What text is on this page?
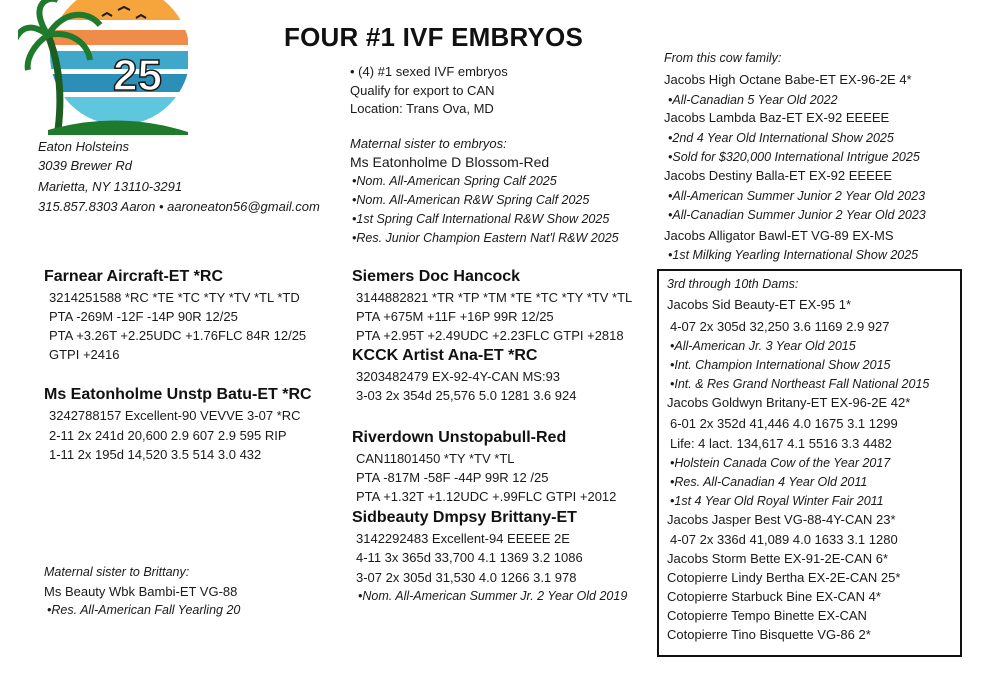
25
FOUR #1 IVF EMBRYOS
Eaton Holsteins
3039 Brewer Rd
Marietta, NY 13110-3291
315.857.8303 Aaron • aaroneaton56@gmail.com
• (4) #1 sexed IVF embryos
Qualify for export to CAN
Location: Trans Ova, MD
Maternal sister to embryos:
Ms Eatonholme D Blossom-Red
•Nom. All-American Spring Calf 2025
•Nom. All-American R&W Spring Calf 2025
•1st Spring Calf International R&W Show 2025
•Res. Junior Champion Eastern Nat'l R&W 2025
Farnear Aircraft-ET *RC
3214251588 *RC *TE *TC *TY *TV *TL *TD
PTA -269M -12F -14P 90R 12/25
PTA +3.26T +2.25UDC +1.76FLC 84R 12/25
GTPI +2416
Ms Eatonholme Unstp Batu-ET *RC
3242788157 Excellent-90 VEVVE 3-07 *RC
2-11 2x 241d 20,600 2.9 607 2.9 595 RIP
1-11 2x 195d 14,520 3.5 514 3.0 432
Maternal sister to Brittany:
Ms Beauty Wbk Bambi-ET VG-88
•Res. All-American Fall Yearling 20
Siemers Doc Hancock
3144882821 *TR *TP *TM *TE *TC *TY *TV *TL
PTA +675M +11F +16P 99R 12/25
PTA +2.95T +2.49UDC +2.23FLC GTPI +2818
KCCK Artist Ana-ET *RC
3203482479 EX-92-4Y-CAN MS:93
3-03 2x 354d 25,576 5.0 1281 3.6 924
Riverdown Unstopabull-Red
CAN11801450 *TY *TV *TL
PTA -817M -58F -44P 99R 12 /25
PTA +1.32T +1.12UDC +.99FLC GTPI +2012
Sidbeauty Dmpsy Brittany-ET
3142292483 Excellent-94 EEEEE 2E
4-11 3x 365d 33,700 4.1 1369 3.2 1086
3-07 2x 305d 31,530 4.0 1266 3.1 978
•Nom. All-American Summer Jr. 2 Year Old 2019
From this cow family:
Jacobs High Octane Babe-ET EX-96-2E 4*
•All-Canadian 5 Year Old 2022
Jacobs Lambda Baz-ET EX-92 EEEEE
•2nd 4 Year Old International Show 2025
•Sold for $320,000 International Intrigue 2025
Jacobs Destiny Balla-ET EX-92 EEEEE
•All-American Summer Junior 2 Year Old 2023
•All-Canadian Summer Junior 2 Year Old 2023
Jacobs Alligator Bawl-ET VG-89 EX-MS
•1st Milking Yearling International Show 2025
3rd through 10th Dams:
Jacobs Sid Beauty-ET EX-95 1*
4-07 2x 305d 32,250 3.6 1169 2.9 927
•All-American Jr. 3 Year Old 2015
•Int. Champion International Show 2015
•Int. & Res Grand Northeast Fall National 2015
Jacobs Goldwyn Britany-ET EX-96-2E 42*
6-01 2x 352d 41,446 4.0 1675 3.1 1299
Life: 4 lact. 134,617 4.1 5516 3.3 4482
•Holstein Canada Cow of the Year 2017
•Res. All-Canadian 4 Year Old 2011
•1st 4 Year Old Royal Winter Fair 2011
Jacobs Jasper Best VG-88-4Y-CAN 23*
4-07 2x 336d 41,089 4.0 1633 3.1 1280
Jacobs Storm Bette EX-91-2E-CAN 6*
Cotopierre Lindy Bertha EX-2E-CAN 25*
Cotopierre Starbuck Bine EX-CAN 4*
Cotopierre Tempo Binette EX-CAN
Cotopierre Tino Bisquette VG-86 2*
